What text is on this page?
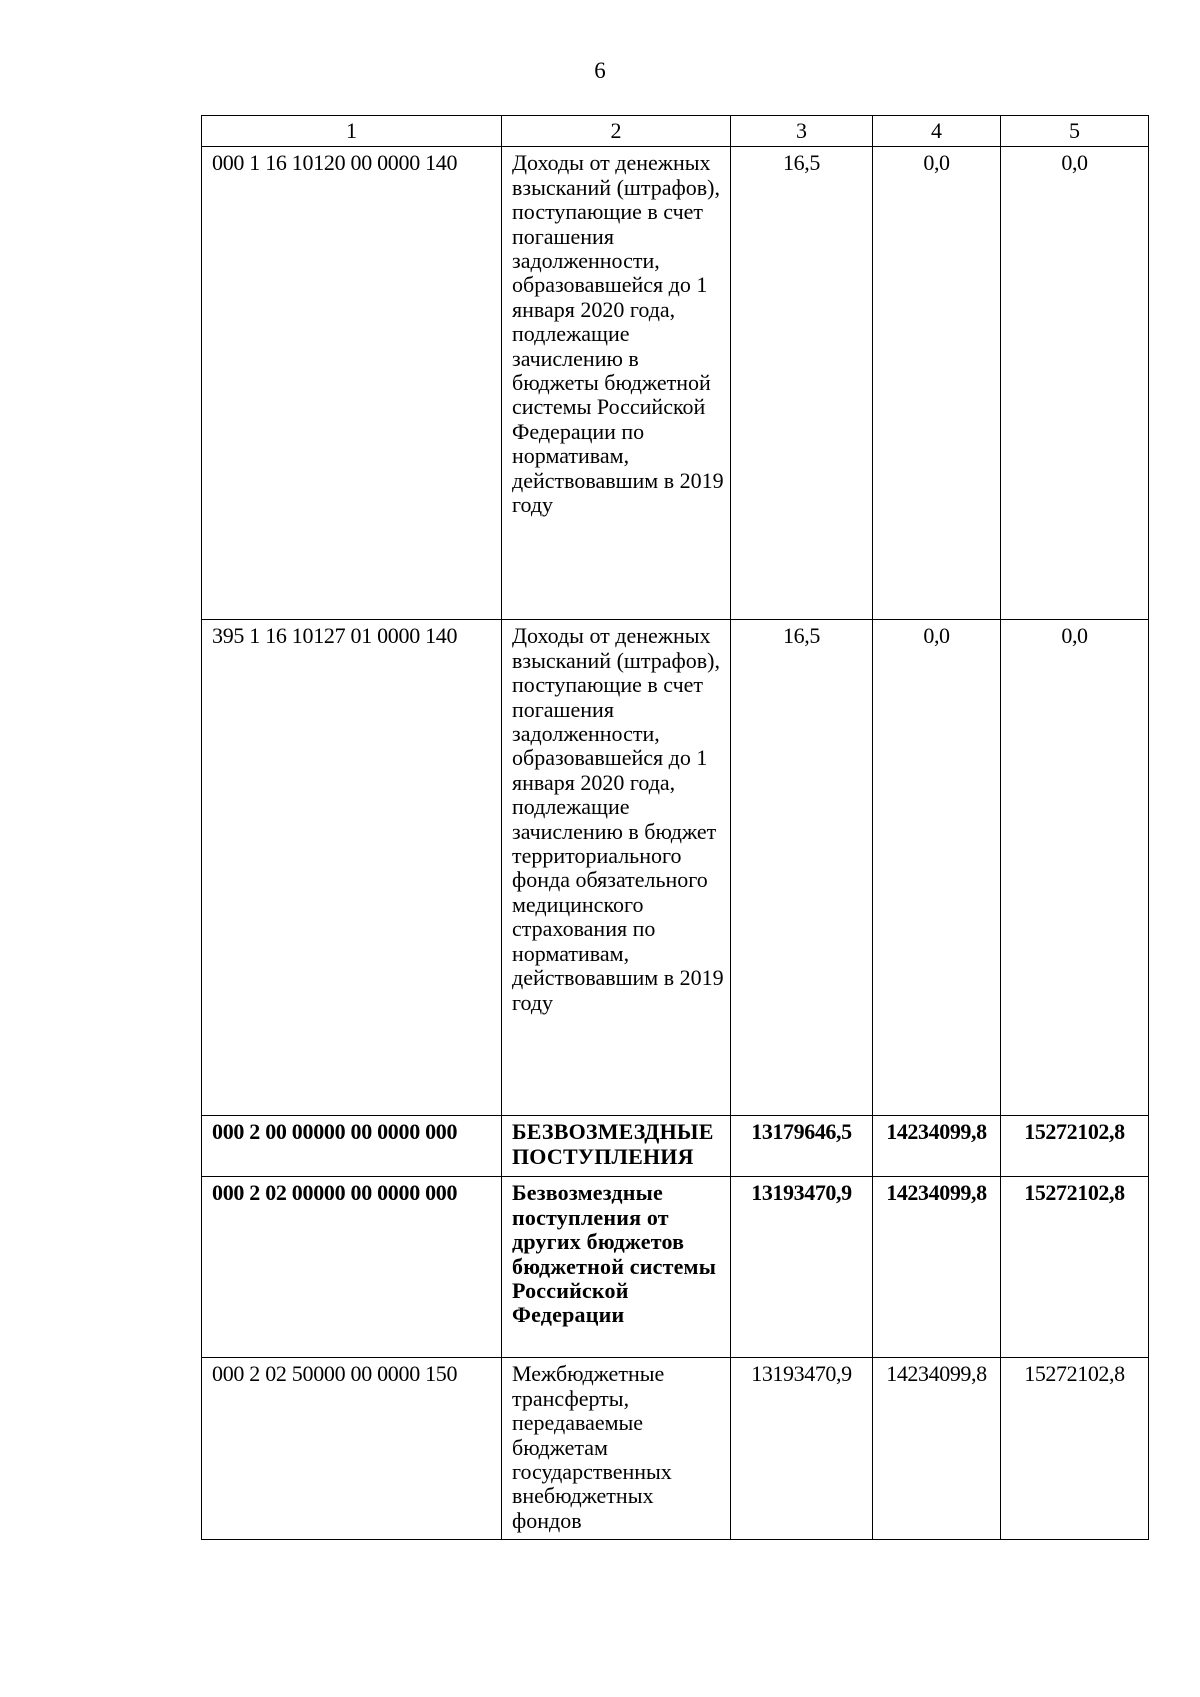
6
1	2	3	4	5
000 1 16 10120 00 0000 140	Доходы от денежных взысканий (штрафов), поступающие в счет погашения задолженности, образовавшейся до 1 января 2020 года, подлежащие зачислению в бюджеты бюджетной системы Российской Федерации по нормативам, действовавшим в 2019 году	16,5	0,0	0,0
395 1 16 10127 01 0000 140	Доходы от денежных взысканий (штрафов), поступающие в счет погашения задолженности, образовавшейся до 1 января 2020 года, подлежащие зачислению в бюджет территориального фонда обязательного медицинского страхования по нормативам, действовавшим в 2019 году	16,5	0,0	0,0
000 2 00 00000 00 0000 000	БЕЗВОЗМЕЗДНЫЕ ПОСТУПЛЕНИЯ	13179646,5	14234099,8	15272102,8
000 2 02 00000 00 0000 000	Безвозмездные поступления от других бюджетов бюджетной системы Российской Федерации	13193470,9	14234099,8	15272102,8
000 2 02 50000 00 0000 150	Межбюджетные трансферты, передаваемые бюджетам государственных внебюджетных фондов	13193470,9	14234099,8	15272102,8
